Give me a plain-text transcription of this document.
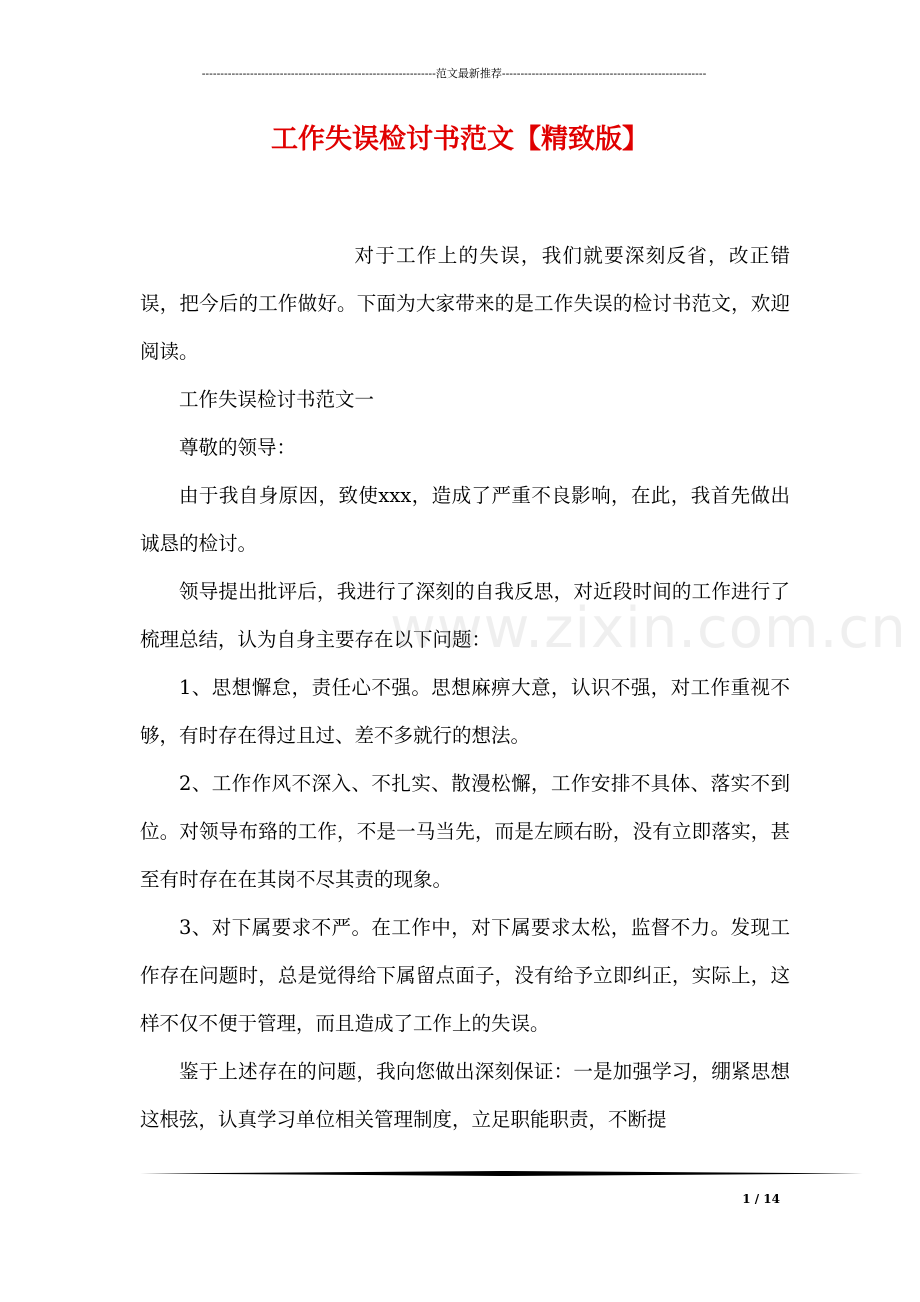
---------------------------------------------------------------范文最新推荐-------------------------------------------------------
工作失误检讨书范文【精致版】

对于工作上的失误，我们就要深刻反省，改正错误，把今后的工作做好。下面为大家带来的是工作失误的检讨书范文，欢迎阅读。

工作失误检讨书范文一

尊敬的领导：

由于我自身原因，致使xxx，造成了严重不良影响，在此，我首先做出诚恳的检讨。

领导提出批评后，我进行了深刻的自我反思，对近段时间的工作进行了梳理总结，认为自身主要存在以下问题：

1、思想懈怠，责任心不强。思想麻痹大意，认识不强，对工作重视不够，有时存在得过且过、差不多就行的想法。

2、工作作风不深入、不扎实、散漫松懈，工作安排不具体、落实不到位。对领导布臵的工作，不是一马当先，而是左顾右盼，没有立即落实，甚至有时存在在其岗不尽其责的现象。

3、对下属要求不严。在工作中，对下属要求太松，监督不力。发现工作存在问题时，总是觉得给下属留点面子，没有给予立即纠正，实际上，这样不仅不便于管理，而且造成了工作上的失误。

鉴于上述存在的问题，我向您做出深刻保证：一是加强学习，绷紧思想这根弦，认真学习单位相关管理制度，立足职能职责，不断提

www.zixin.com.cn
1 / 14
